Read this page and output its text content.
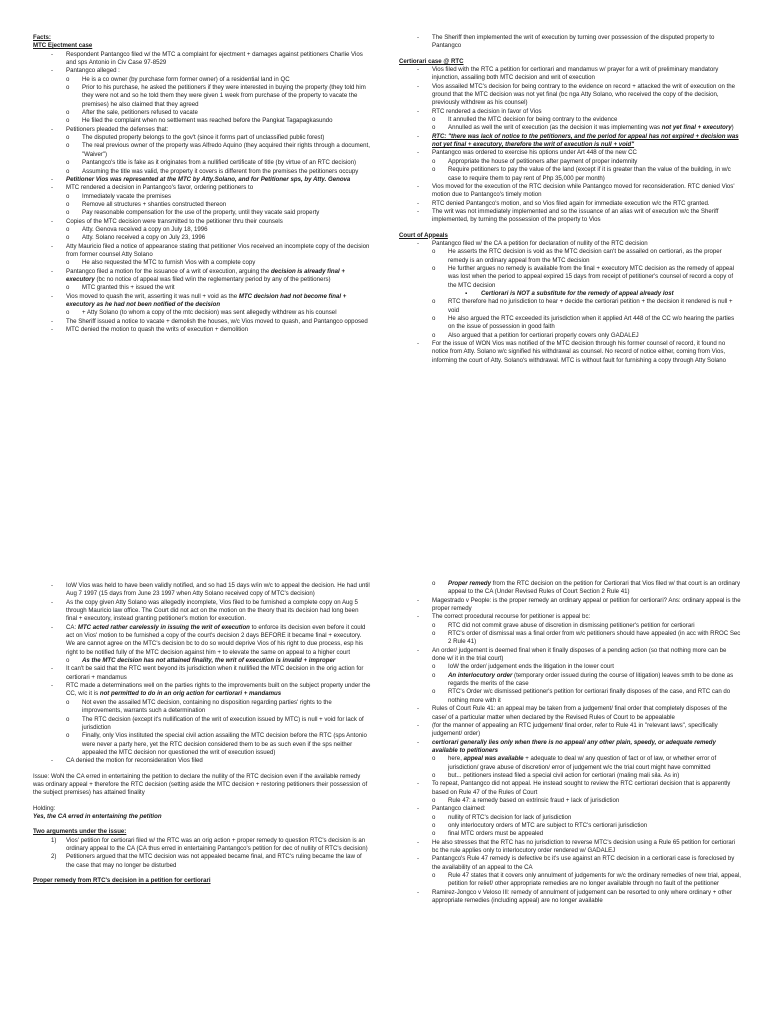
Facts:

MTC Ejectment case

-	Respondent Pantangco filed w/ the MTC a complaint for ejectment + damages against petitioners Charlie Vios and sps Antonio in Civ Case 97-8529
-	Pantangco alleged :
o	He is a co owner (by purchase form former owner) of a residential land in QC
o	Prior to his purchase, he asked the petitioners if they were interested in buying the property (they told him they were not and so he told them they were given 1 week from purchase of the property to vacate the premises) he also claimed that they agreed
o	After the sale, petitioners refused to vacate
o	He filed the complaint when no settlement was reached before the Pangkat Tagapagkasundo
-	Petitioners pleaded the defenses that:
o	The disputed property belongs to the gov't (since it forms part of unclassified public forest)
o	The real previous owner of the property was Alfredo Aquino (they acquired their rights through a document, "Waiver")
o	Pantangco's title is fake as it originates from a nullified certificate of title (by virtue of an RTC decision)
o	Assuming the title was valid, the property it covers is different from the premises the petitioners occupy
-	Petitioner Vios was represented at the MTC by Atty.Solano, and for Petitioner sps, by Atty. Genova
-	MTC rendered a decision in Pantangco's favor, ordering petitioners to
o	Immediately vacate the premises
o	Remove all structures + shanties constructed thereon
o	Pay reasonable compensation for the use of the property, until they vacate said property
-	Copies of the MTC decision were transmitted to the petitioner thru their counsels
o	Atty. Genova received a copy on July 18, 1996
o	Atty. Solano received a copy on July 23, 1996
-	Atty Mauricio filed a notice of appearance stating that petitioner Vios received an incomplete copy of the decision from former counsel Atty Solano
o	He also requested the MTC to furnish Vios with a complete copy
-	Pantangco filed a motion for the issuance of a writ of execution, arguing the decision is already final + executory (bc no notice of appeal was filed w/in the reglementary period by any of the petitioners)
o	MTC granted this + issued the writ
-	Vios moved to quash the writ, asserting it was null + void as the MTC decision had not become final + executory as he had not been notified of the decision
o	+ Atty Solano (to whom a copy of the mtc decision) was sent allegedly withdrew as his counsel
-	The Sheriff issued a notice to vacate + demolish the houses, w/c Vios moved to quash, and Pantangco opposed
-	MTC denied the motion to quash the writs of execution + demolition
-	The Sheriff then implemented the writ of execution by turning over possession of the disputed property to Pantangco

Certiorari case @ RTC

-	Vios filed with the RTC a petition for certiorari and mandamus w/ prayer for a writ of preliminary mandatory injunction, assailing both MTC decision and writ of execution
-	Vios assailed MTC's decision for being contrary to the evidence on record + attacked the writ of execution on the ground that the MTC decision was not yet final (bc nga Atty Solano, who received the copy of the decision, previously withdrew as his counsel)
-	RTC rendered a decision in favor of Vios
o	It annulled the MTC decision for being contrary to the evidence
o	Annulled as well the writ of execution (as the decision it was implementing was not yet final + executory)
-	RTC: "there was lack of notice to the petitioners, and the period for appeal has not expired + decision was not yet final + executory, therefore the writ of execution is null + void"
-	Pantangco was ordered to exercise his options under Art 448 of the new CC
o	Appropriate the house of petitioners after payment of proper indemnity
o	Require petitioners to pay the value of the land (except if it is greater than the value of the building, in w/c case to require them to pay rent of Php 35,000 per month)
-	Vios moved for the execution of the RTC decision while Pantangco moved for reconsideration. RTC denied Vios' motion due to Pantangco's timely motion
-	RTC denied Pantangco's motion, and so Vios filed again for immediate execution w/c the RTC granted.
-	The writ was not immediately implemented and so the issuance of an alias writ of execution w/c the Sheriff implemented, by turning the possession of the property to Vios

Court of Appeals

-	Pantangco filed w/ the CA a petition for declaration of nullity of the RTC decision
o	He asserts the RTC decision is void as the MTC decision can't be assailed on certiorari, as the proper remedy is an ordinary appeal from the MTC decision
o	He further argues no remedy is available from the final + executory MTC decision as the remedy of appeal was lost when the period to appeal expired 15 days from receipt of petitioner's counsel of record a copy of the MTC decision
▪	Certiorari is NOT a substitute for the remedy of appeal already lost
o	RTC therefore had no jurisdiction to hear + decide the certiorari petition + the decision it rendered is null + void
o	He also argued the RTC exceeded its jurisdiction when it applied Art 448 of the CC w/o hearing the parties on the issue of possession in good faith
o	Also argued that a petition for certiorari properly covers only GADALEJ
-	For the issue of WON Vios was notified of the MTC decision through his former counsel of record, it found no notice from Atty. Solano w/c signified his withdrawal as counsel. No record of notice either, coming from Vios, informing the court of Atty. Solano's withdrawal. MTC is without fault for furnishing a copy through Atty Solano
-	IoW Vios was held to have been validly notified, and so had 15 days w/in w/c to appeal the decision. He had until Aug 7 1997 (15 days from June 23 1997 when Atty Solano received copy of MTC's decision)
-	As the copy given Atty Solano was allegedly incomplete, Vios filed to be furnished a complete copy on Aug 5 through Mauricio law office. The Court did not act on the motion on the theory that its decision had long been final + executory, instead granting petitioner's motion for execution.
-	CA: MTC acted rather carelessly in issuing the writ of execution to enforce its decision even before it could act on Vios' motion to be furnished a copy of the court's decision 2 days BEFORE it became final + executory. We are cannot agree on the MTC's decision bc to do so would deprive Vios of his right to due process, esp his right to be notified fully of the MTC decision against him + to elevate the same on appeal to a higher court
o	As the MTC decision has not attained finality, the writ of execution is invalid + improper
-	It can't be said that the RTC went beyond its jurisdiction when it nullified the MTC decision in the orig action for certiorari + mandamus
-	RTC made a determinations well on the parties rights to the improvements built on the subject property under the CC, w/c it is not permitted to do in an orig action for certiorari + mandamus
o	Not even the assailed MTC decision, containing no disposition regarding parties' rights to the improvements, warrants such a determination
o	The RTC decision (except it's nullification of the writ of execution issued by MTC) is null + void for lack of jurisdiction
o	Finally, only Vios instituted the special civil action assailing the MTC decision before the RTC (sps Antonio were never a party here, yet the RTC decision considered them to be as such even if the sps neither appealed the MTC decision nor questioned the writ of execution issued)
-	CA denied the motion for reconsideration Vios filed

Issue: WoN the CA erred in entertaining the petition to declare the nullity of the RTC decision even if the available remedy was ordinary appeal + therefore the RTC decision (setting aside the MTC decision + restoring petitioners their possession of the subject premises) has attained finality

Holding:

Yes, the CA erred in entertaining the petition

Two arguments under the issue:

1)	Vios' petition for certiorari filed w/ the RTC was an orig action + proper remedy to question RTC's decision is an ordinary appeal to the CA (CA thus erred in entertaining Pantangco's petition for dec of nullity of RTC's decision)
2)	Petitioners argued that the MTC decision was not appealed became final, and RTC's ruling became the law of the case that may no longer be disturbed

Proper remedy from RTC's decision in a petition for certiorari

o	Proper remedy from the RTC decision on the petition for Certiorari that Vios filed w/ that court is an ordinary appeal to the CA (Under Revised Rules of Court Section 2 Rule 41)
-	Magestrado v People: is the proper remedy an ordinary appeal or petition for certiorari? Ans: ordinary appeal is the proper remedy
-	The correct procedural recourse for petitioner is appeal bc:
o	RTC did not commit grave abuse of discretion in dismissing petitioner's petition for certiorari
o	RTC's order of dismissal was a final order from w/c petitioners should have appealed (in acc with RROC Sec 2 Rule 41)
-	An order/ judgement is deemed final when it finally disposes of a pending action (so that nothing more can be done w/ it in the trial court)
o	IoW the order/ judgement ends the litigation in the lower court
o	An interlocutory order (temporary order issued during the course of litigation) leaves smth to be done as regards the merits of the case
o	RTC's Order w/c dismissed petitioner's petition for certiorari finally disposes of the case, and RTC can do nothing more with it
-	Rules of Court Rule 41: an appeal may be taken from a judgement/ final order that completely disposes of the case/ of a particular matter when declared by the Revised Rules of Court to be appealable
-	(for the manner of appealing an RTC judgement/ final order, refer to Rule 41 in "relevant laws", specifically judgement/ order)
-	certiorari generally lies only when there is no appeal/ any other plain, speedy, or adequate remedy available to petitioners
o	here, appeal was available + adequate to deal w/ any question of fact or of law, or whether error of jurisdiction/ grave abuse of discretion/ error of judgement w/c the trial court might have committed
o	but... petitioners instead filed a special civil action for certiorari (maling mali sila. As in)
-	To repeat, Pantangco did not appeal. He instead sought to review the RTC certiorari decision that is apparently based on Rule 47 of the Rules of Court
o	Rule 47: a remedy based on extrinsic fraud + lack of jurisdiction
-	Pantangco claimed:
o	nullity of RTC's decision for lack of jurisdiction
o	only interlocutory orders of MTC are subject to RTC's certiorari jurisdiction
o	final MTC orders must be appealed
-	He also stresses that the RTC has no jurisdiction to reverse MTC's decision using a Rule 65 petition for certiorari bc the rule applies only to interlocutory order rendered w/ GADALEJ
-	Pantangco's Rule 47 remedy is defective bc it's use against an RTC decision in a certiorari case is foreclosed by the availability of an appeal to the CA
o	Rule 47 states that it covers only annulment of judgements for w/c the ordinary remedies of new trial, appeal, petition for relief/ other appropriate remedies are no longer available through no fault of the petitioner
-	Ramirez-Jongco v Veloso III: remedy of annulment of judgement can be resorted to only where ordinary + other appropriate remedies (including appeal) are no longer available
